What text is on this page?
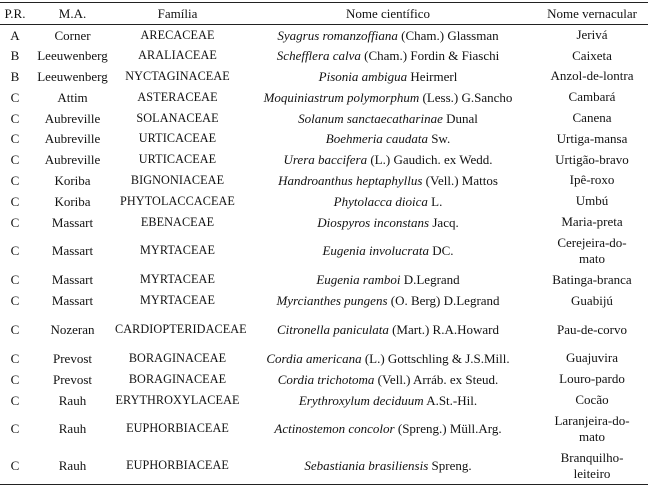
P.R.	M.A.	Família	Nome científico	Nome vernacular
A	Corner	ARECACEAE	Syagrus romanzoffiana (Cham.) Glassman	Jerivá
B	Leeuwenberg	ARALIACEAE	Schefflera calva (Cham.) Fordin & Fiaschi	Caixeta
B	Leeuwenberg	NYCTAGINACEAE	Pisonia ambigua Heirmerl	Anzol-de-lontra
C	Attim	ASTERACEAE	Moquiniastrum polymorphum (Less.) G.Sancho	Cambará
C	Aubreville	SOLANACEAE	Solanum sanctaecatharinae Dunal	Canena
C	Aubreville	URTICACEAE	Boehmeria caudata Sw.	Urtiga-mansa
C	Aubreville	URTICACEAE	Urera baccifera (L.) Gaudich. ex Wedd.	Urtigão-bravo
C	Koriba	BIGNONIACEAE	Handroanthus heptaphyllus (Vell.) Mattos	Ipê-roxo
C	Koriba	PHYTOLACCACEAE	Phytolacca dioica L.	Umbú
C	Massart	EBENACEAE	Diospyros inconstans Jacq.	Maria-preta
C	Massart	MYRTACEAE	Eugenia involucrata DC.	Cerejeira-do-
mato
C	Massart	MYRTACEAE	Eugenia ramboi D.Legrand	Batinga-branca
C	Massart	MYRTACEAE	Myrcianthes pungens (O. Berg) D.Legrand	Guabijú
C	Nozeran	CARDIOPTERIDACEAE	Citronella paniculata (Mart.) R.A.Howard	Pau-de-corvo
C	Prevost	BORAGINACEAE	Cordia americana (L.) Gottschling & J.S.Mill.	Guajuvira
C	Prevost	BORAGINACEAE	Cordia trichotoma (Vell.) Arráb. ex Steud.	Louro-pardo
C	Rauh	ERYTHROXYLACEAE	Erythroxylum deciduum A.St.-Hil.	Cocão
C	Rauh	EUPHORBIACEAE	Actinostemon concolor (Spreng.) Müll.Arg.	Laranjeira-do-
mato
C	Rauh	EUPHORBIACEAE	Sebastiania brasiliensis Spreng.	Branquilho-
leiteiro
